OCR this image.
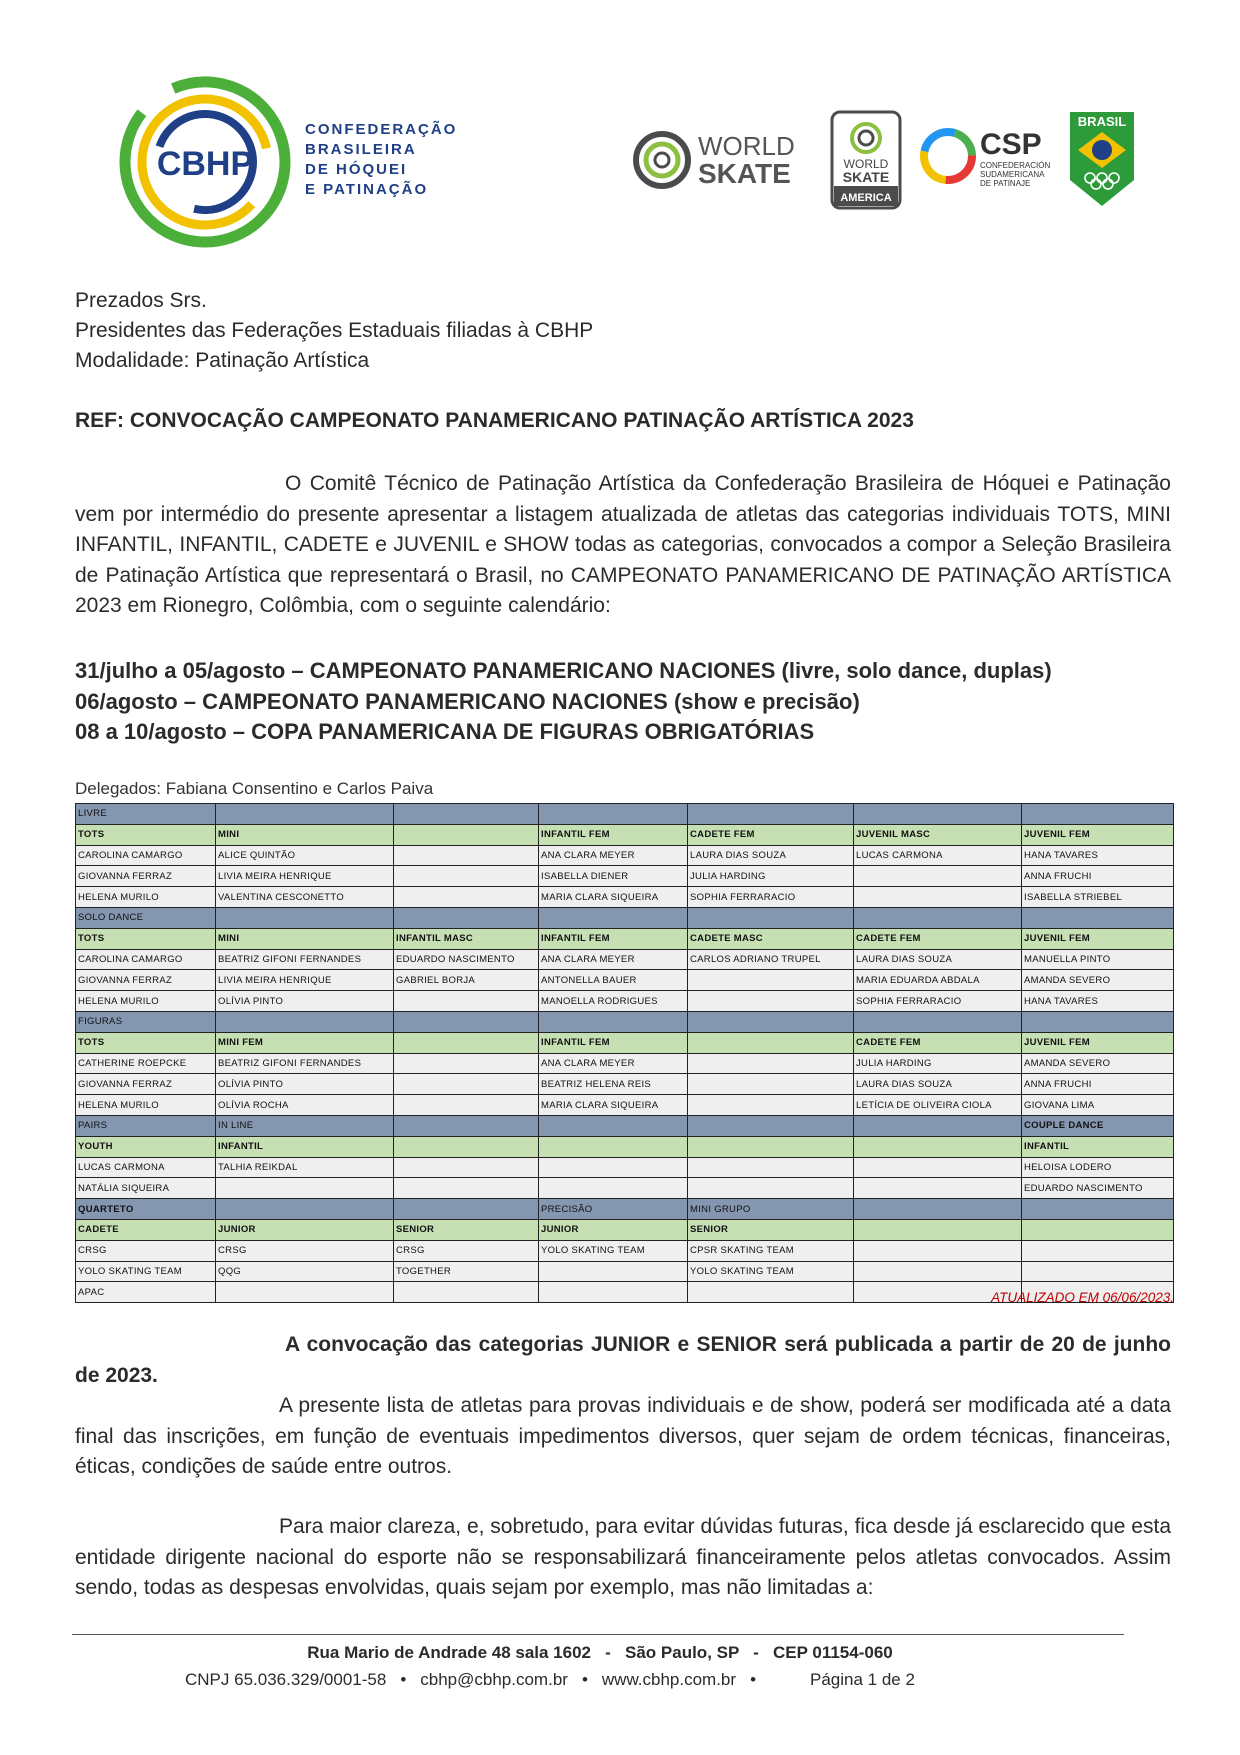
CBHP
CONFEDERAÇÃO
BRASILEIRA
DE HÓQUEI
E PATINAÇÃO
WORLD
SKATE	WORLD
SKATE
AMERICA
CSP
CONFEDERACIÓN
SUDAMERICANA
DE PATINAJE
BRASIL
Prezados Srs.
Presidentes das Federações Estaduais filiadas à CBHP
Modalidade: Patinação Artística
REF: CONVOCAÇÃO CAMPEONATO PANAMERICANO PATINAÇÃO ARTÍSTICA 2023
O Comitê Técnico de Patinação Artística da Confederação Brasileira de Hóquei e Patinação vem por intermédio do presente apresentar a listagem atualizada de atletas das categorias individuais TOTS, MINI INFANTIL, INFANTIL, CADETE e JUVENIL e SHOW todas as categorias, convocados a compor a Seleção Brasileira de Patinação Artística que representará o Brasil, no CAMPEONATO PANAMERICANO DE PATINAÇÃO ARTÍSTICA 2023 em Rionegro, Colômbia, com o seguinte calendário:
31/julho a 05/agosto – CAMPEONATO PANAMERICANO NACIONES (livre, solo dance, duplas)
06/agosto – CAMPEONATO PANAMERICANO NACIONES (show e precisão)
08 a 10/agosto – COPA PANAMERICANA DE FIGURAS OBRIGATÓRIAS
Delegados: Fabiana Consentino e Carlos Paiva
LIVRE						
TOTS	MINI		INFANTIL FEM	CADETE FEM	JUVENIL MASC	JUVENIL FEM
CAROLINA CAMARGO	ALICE QUINTÃO		ANA CLARA MEYER	LAURA DIAS SOUZA	LUCAS CARMONA	HANA TAVARES
GIOVANNA FERRAZ	LIVIA MEIRA HENRIQUE		ISABELLA DIENER	JULIA HARDING		ANNA FRUCHI
HELENA MURILO	VALENTINA CESCONETTO		MARIA CLARA SIQUEIRA	SOPHIA FERRARACIO		ISABELLA STRIEBEL
SOLO DANCE						
TOTS	MINI	INFANTIL MASC	INFANTIL FEM	CADETE MASC	CADETE FEM	JUVENIL FEM
CAROLINA CAMARGO	BEATRIZ GIFONI FERNANDES	EDUARDO NASCIMENTO	ANA CLARA MEYER	CARLOS ADRIANO TRUPEL	LAURA DIAS SOUZA	MANUELLA PINTO
GIOVANNA FERRAZ	LIVIA MEIRA HENRIQUE	GABRIEL BORJA	ANTONELLA BAUER		MARIA EDUARDA ABDALA	AMANDA SEVERO
HELENA MURILO	OLÍVIA PINTO		MANOELLA RODRIGUES		SOPHIA FERRARACIO	HANA TAVARES
FIGURAS						
TOTS	MINI FEM		INFANTIL FEM		CADETE FEM	JUVENIL FEM
CATHERINE ROEPCKE	BEATRIZ GIFONI FERNANDES		ANA CLARA MEYER		JULIA HARDING	AMANDA SEVERO
GIOVANNA FERRAZ	OLÍVIA PINTO		BEATRIZ HELENA REIS		LAURA DIAS SOUZA	ANNA FRUCHI
HELENA MURILO	OLÍVIA ROCHA		MARIA CLARA SIQUEIRA		LETÍCIA DE OLIVEIRA CIOLA	GIOVANA LIMA
PAIRS	IN LINE					COUPLE DANCE
YOUTH	INFANTIL					INFANTIL
LUCAS CARMONA	TALHIA REIKDAL					HELOISA LODERO
NATÁLIA SIQUEIRA						EDUARDO NASCIMENTO
QUARTETO			PRECISÃO	MINI GRUPO		
CADETE	JUNIOR	SENIOR	JUNIOR	SENIOR		
CRSG	CRSG	CRSG	YOLO SKATING TEAM	CPSR SKATING TEAM		
YOLO SKATING TEAM	QQG	TOGETHER		YOLO SKATING TEAM		
APAC							ATUALIZADO EM 06/06/2023.
A convocação das categorias JUNIOR e SENIOR será publicada a partir de 20 de junho de 2023.
A presente lista de atletas para provas individuais e de show, poderá ser modificada até a data final das inscrições, em função de eventuais impedimentos diversos, quer sejam de ordem técnicas, financeiras, éticas, condições de saúde entre outros.
Para maior clareza, e, sobretudo, para evitar dúvidas futuras, fica desde já esclarecido que esta entidade dirigente nacional do esporte não se responsabilizará financeiramente pelos atletas convocados. Assim sendo, todas as despesas envolvidas, quais sejam por exemplo, mas não limitadas a:
Rua Mario de Andrade 48 sala 1602   -   São Paulo, SP   -   CEP 01154-060
CNPJ 65.036.329/0001-58 • cbhp@cbhp.com.br • www.cbhp.com.br •	Página 1 de 2
